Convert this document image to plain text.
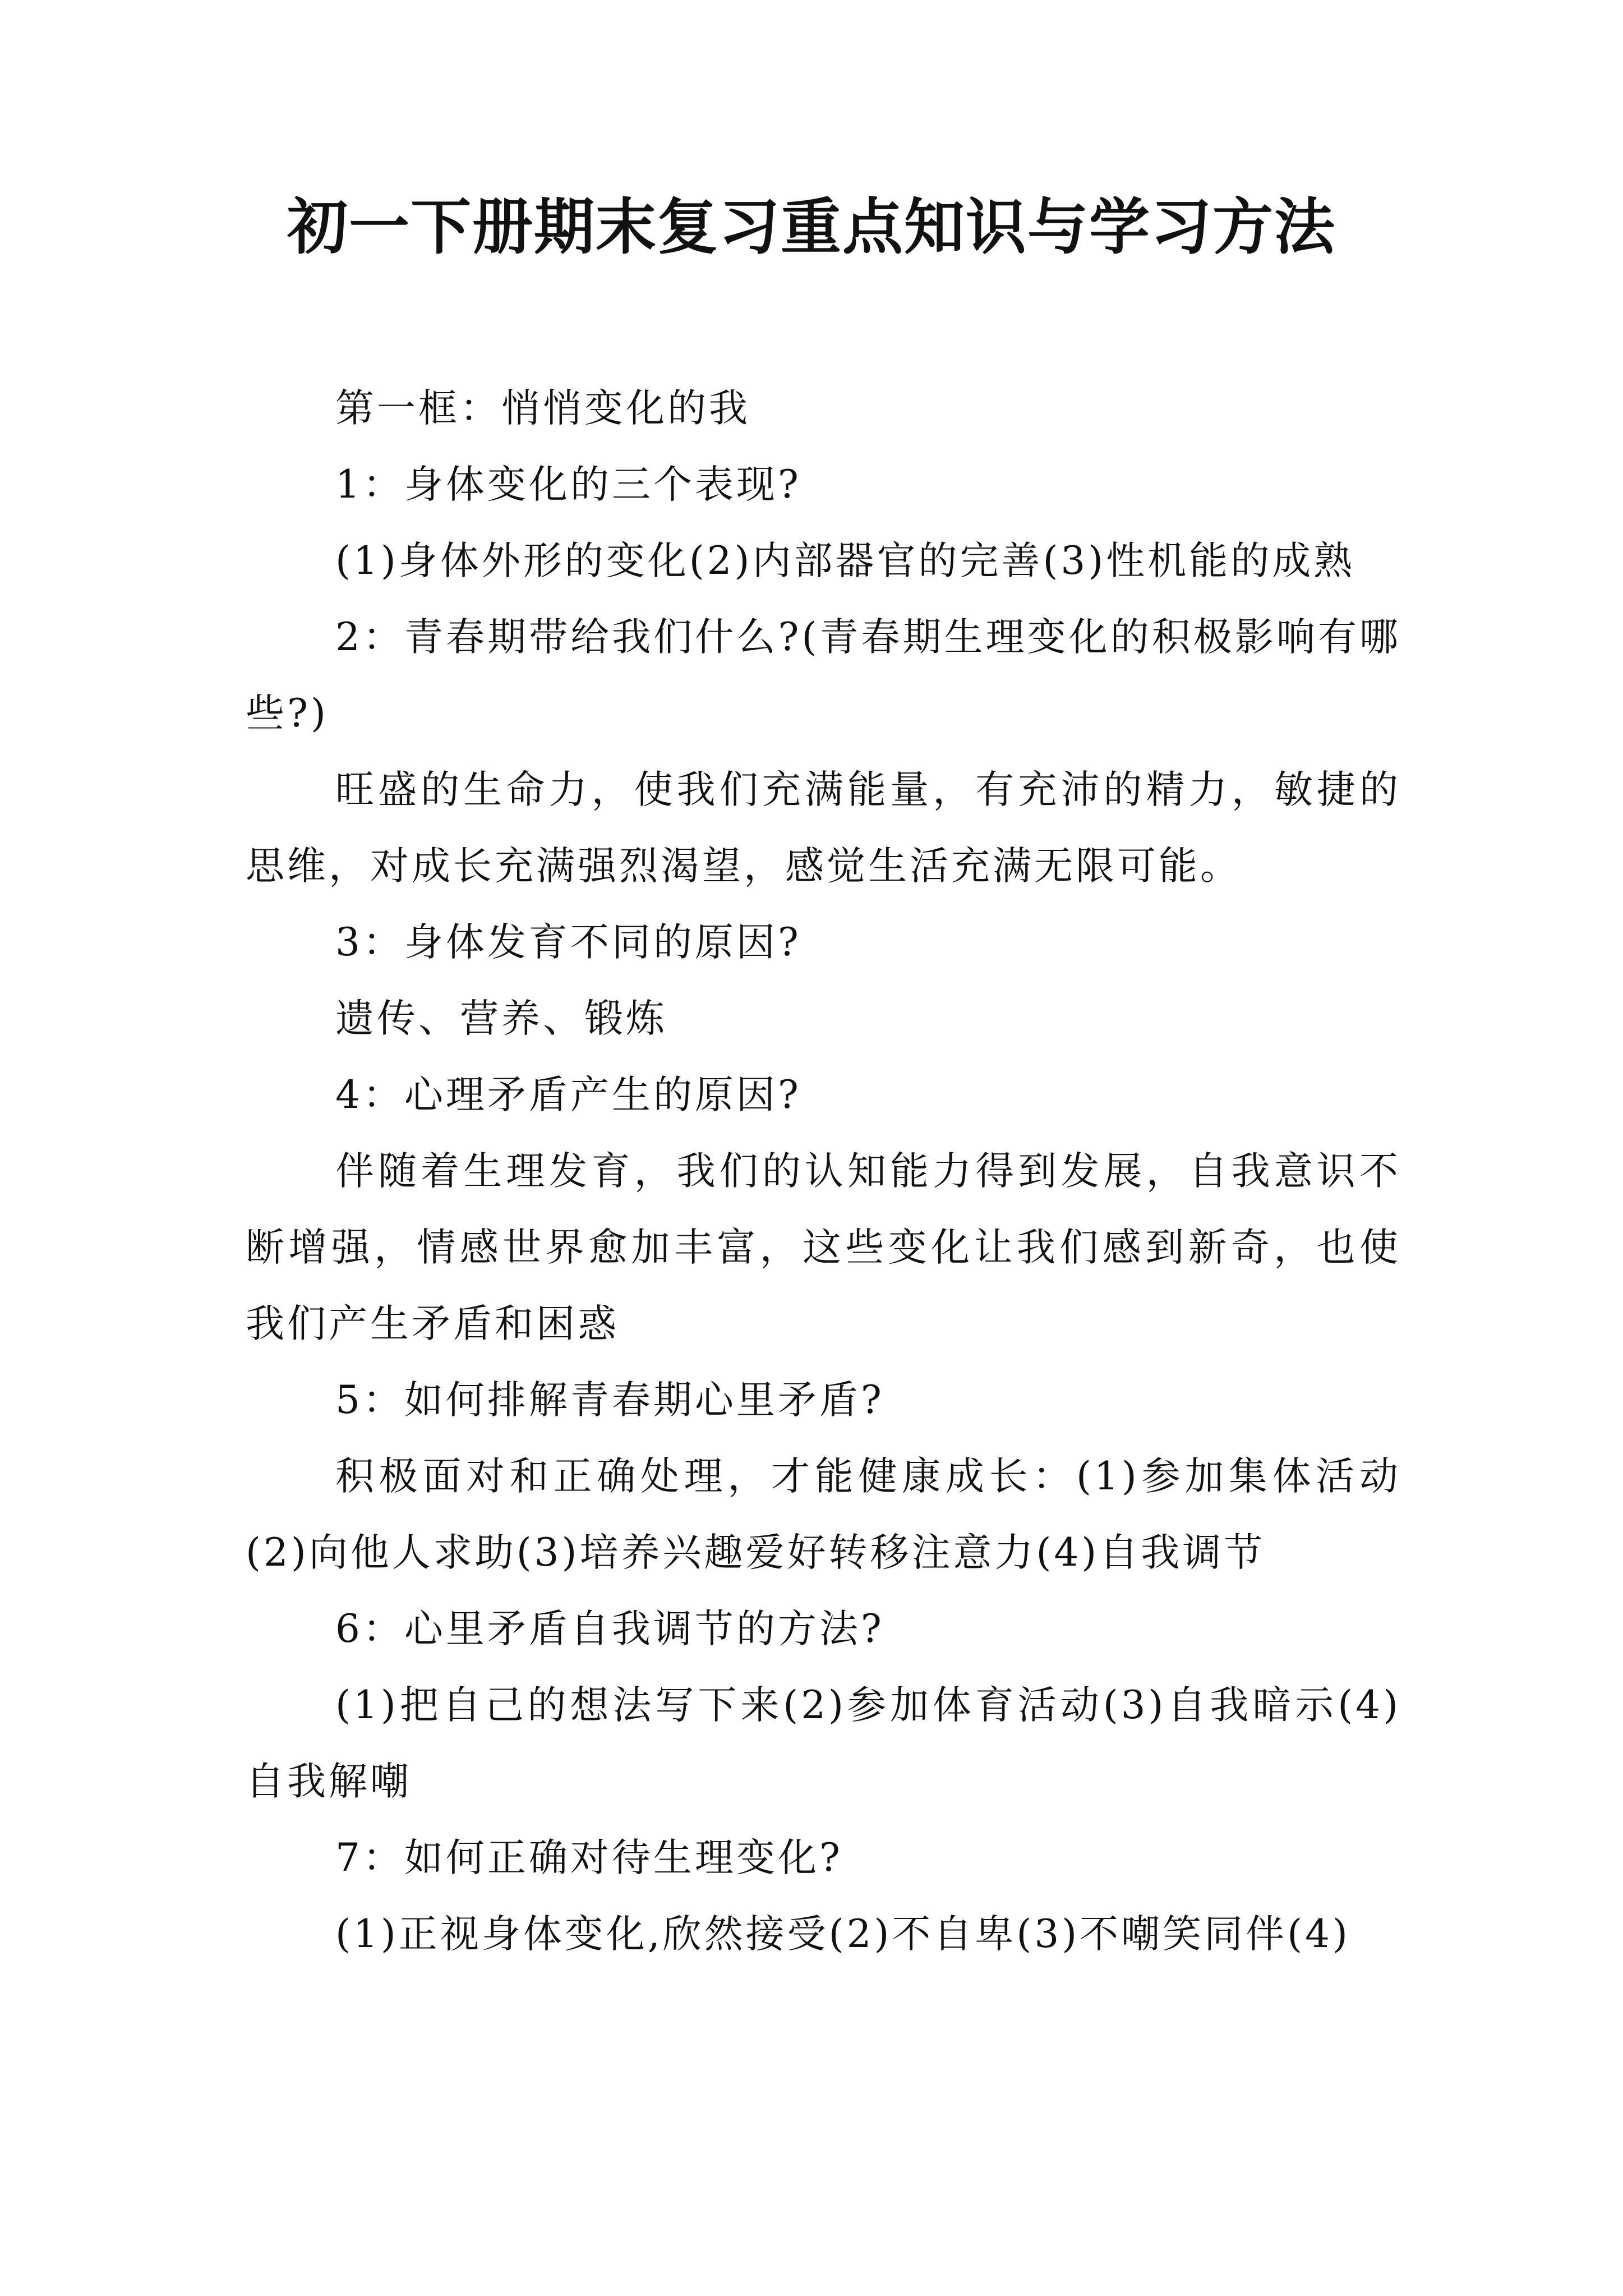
初一下册期末复习重点知识与学习方法

第一框：悄悄变化的我

1：身体变化的三个表现?

(1)身体外形的变化(2)内部器官的完善(3)性机能的成熟

2：青春期带给我们什么?(青春期生理变化的积极影响有哪些?)

旺盛的生命力，使我们充满能量，有充沛的精力，敏捷的思维，对成长充满强烈渴望，感觉生活充满无限可能。

3：身体发育不同的原因?

遗传、营养、锻炼

4：心理矛盾产生的原因?

伴随着生理发育，我们的认知能力得到发展，自我意识不断增强，情感世界愈加丰富，这些变化让我们感到新奇，也使我们产生矛盾和困惑

5：如何排解青春期心里矛盾?

积极面对和正确处理，才能健康成长：(1)参加集体活动(2)向他人求助(3)培养兴趣爱好转移注意力(4)自我调节

6：心里矛盾自我调节的方法?

(1)把自己的想法写下来(2)参加体育活动(3)自我暗示(4)自我解嘲

7：如何正确对待生理变化?

(1)正视身体变化,欣然接受(2)不自卑(3)不嘲笑同伴(4)
